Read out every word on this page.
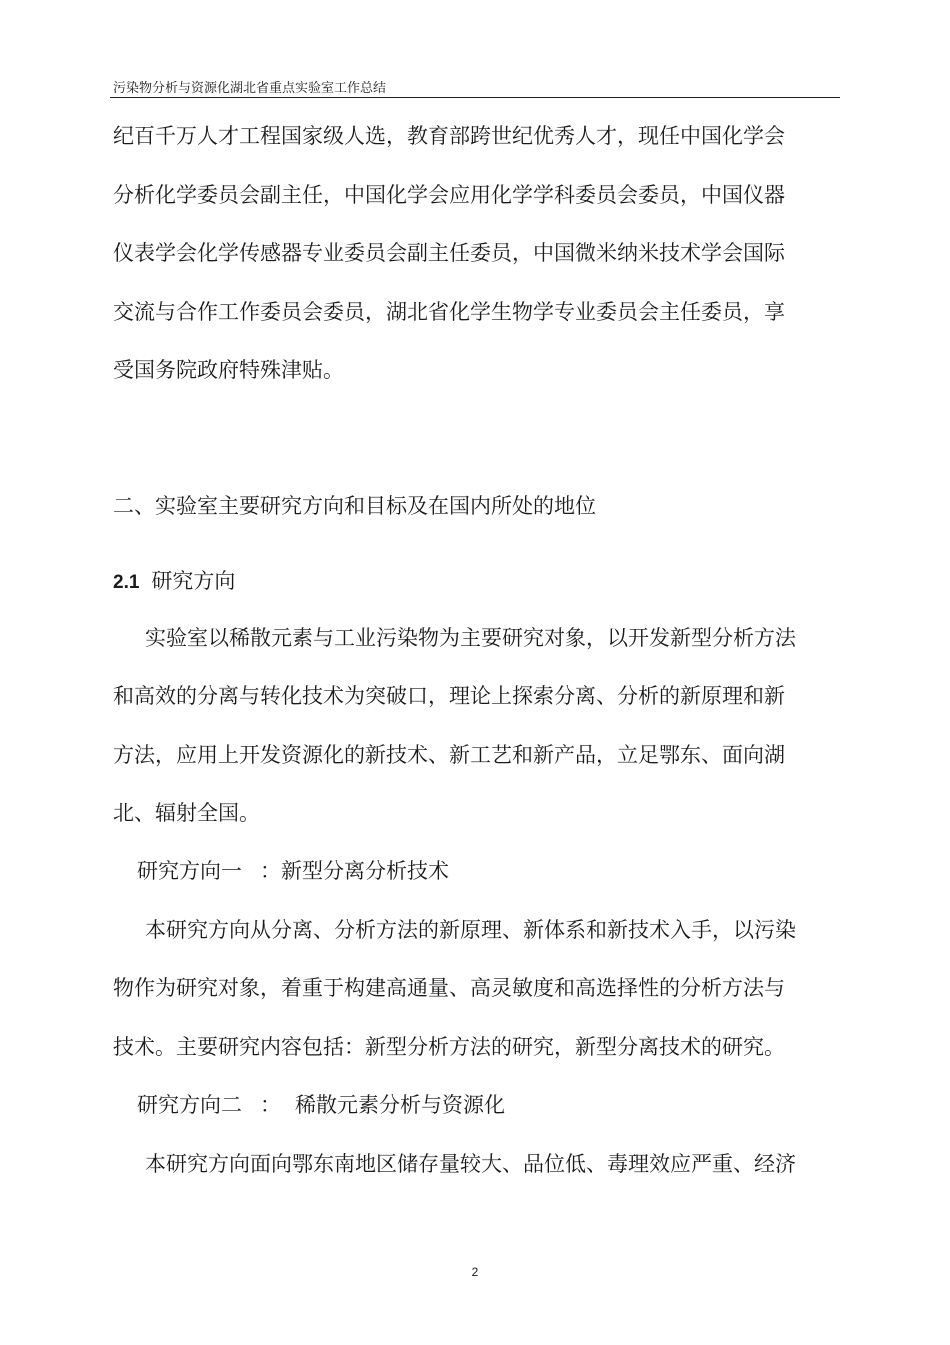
污染物分析与资源化湖北省重点实验室工作总结
纪百千万人才工程国家级人选，教育部跨世纪优秀人才，现任中国化学会
分析化学委员会副主任，中国化学会应用化学学科委员会委员，中国仪器
仪表学会化学传感器专业委员会副主任委员，中国微米纳米技术学会国际
交流与合作工作委员会委员，湖北省化学生物学专业委员会主任委员，享
受国务院政府特殊津贴。
二、实验室主要研究方向和目标及在国内所处的地位
2.1 研究方向
实验室以稀散元素与工业污染物为主要研究对象，以开发新型分析方法
和高效的分离与转化技术为突破口，理论上探索分离、分析的新原理和新
方法，应用上开发资源化的新技术、新工艺和新产品，立足鄂东、面向湖
北、辐射全国。
研究方向一 ：新型分离分析技术
本研究方向从分离、分析方法的新原理、新体系和新技术入手，以污染
物作为研究对象，着重于构建高通量、高灵敏度和高选择性的分析方法与
技术。主要研究内容包括：新型分析方法的研究，新型分离技术的研究。
研究方向二 ： 稀散元素分析与资源化
本研究方向面向鄂东南地区储存量较大、品位低、毒理效应严重、经济
2
